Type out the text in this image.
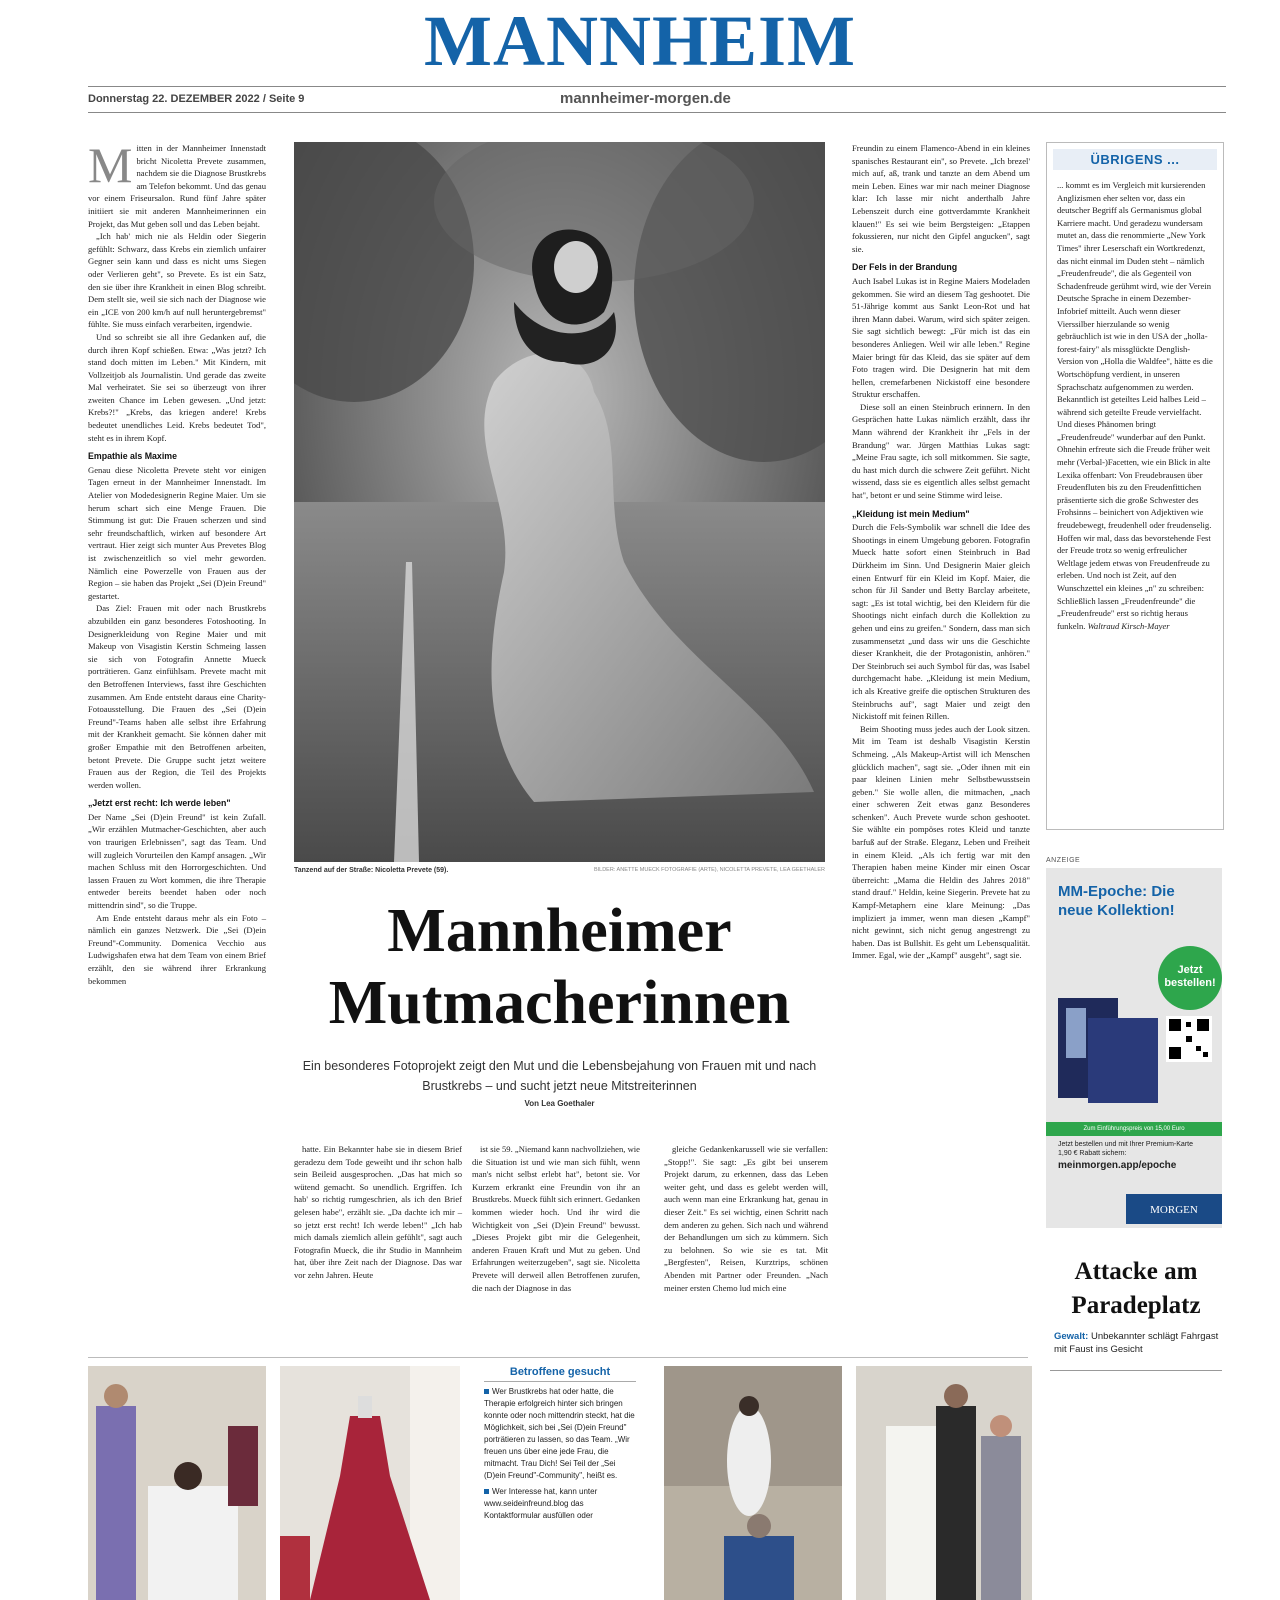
MANNHEIM
Donnerstag 22. DEZEMBER 2022 / Seite 9	mannheimer-morgen.de
M itten in der Mannheimer Innenstadt bricht Nicoletta Prevete zusammen, nachdem sie die Diagnose Brustkrebs am Telefon bekommt. Und das genau vor einem Friseursalon. Rund fünf Jahre später initiiert sie mit anderen Mannheimerinnen ein Projekt, das Mut geben soll und das Leben bejaht.

„Ich hab' mich nie als Heldin oder Siegerin gefühlt: Schwarz, dass Krebs ein ziemlich unfairer Gegner sein kann und dass es nicht ums Siegen oder Verlieren geht", so Prevete. Es ist ein Satz, den sie über ihre Krankheit in einen Blog schreibt. Dem stellt sie, weil sie sich nach der Diagnose wie ein „ICE von 200 km/h auf null heruntergebremst" fühlte. Sie muss einfach verarbeiten, irgendwie.

Und so schreibt sie all ihre Gedanken auf, die durch ihren Kopf schießen. Etwa: „Was jetzt? Ich stand doch mitten im Leben." Mit Kindern, mit Vollzeitjob als Journalistin. Und gerade das zweite Mal verheiratet. Sie sei so überzeugt von ihrer zweiten Chance im Leben gewesen. „Und jetzt: Krebs?!" „Krebs, das kriegen andere! Krebs bedeutet unendliches Leid. Krebs bedeutet Tod", steht es in ihrem Kopf.

Empathie als Maxime

Genau diese Nicoletta Prevete steht vor einigen Tagen erneut in der Mannheimer Innenstadt. Im Atelier von Modedesignerin Regine Maier. Um sie herum schart sich eine Menge Frauen. Die Stimmung ist gut: Die Frauen scherzen und sind sehr freundschaftlich, wirken auf besondere Art vertraut. Hier zeigt sich munter Aus Prevetes Blog ist zwischenzeitlich so viel mehr geworden. Nämlich eine Powerzelle von Frauen aus der Region – sie haben das Projekt „Sei (D)ein Freund" gestartet.

Das Ziel: Frauen mit oder nach Brustkrebs abzubilden ein ganz besonderes Fotoshooting. In Designerkleidung von Regine Maier und mit Makeup von Visagistin Kerstin Schmeing lassen sie sich von Fotografin Annette Mueck porträtieren. Ganz einfühlsam. Prevete macht mit den Betroffenen Interviews, fasst ihre Geschichten zusammen. Am Ende entsteht daraus eine Charity-Fotoausstellung. Die Frauen des „Sei (D)ein Freund"-Teams haben alle selbst ihre Erfahrung mit der Krankheit gemacht. Sie können daher mit großer Empathie mit den Betroffenen arbeiten, betont Prevete. Die Gruppe sucht jetzt weitere Frauen aus der Region, die Teil des Projekts werden wollen.

„Jetzt erst recht: Ich werde leben"

Der Name „Sei (D)ein Freund" ist kein Zufall. „Wir erzählen Mutmacher-Geschichten, aber auch von traurigen Erlebnissen", sagt das Team. Und will zugleich Vorurteilen den Kampf ansagen. „Wir machen Schluss mit den Horrorgeschichten. Und lassen Frauen zu Wort kommen, die ihre Therapie entweder bereits beendet haben oder noch mittendrin sind", so die Truppe.

Am Ende entsteht daraus mehr als ein Foto – nämlich ein ganzes Netzwerk. Die „Sei (D)ein Freund"-Community. Domenica Vecchio aus Ludwigshafen etwa hat dem Team von einem Brief erzählt, den sie während ihrer Erkrankung bekommen

BILDER: ANETTE MUECK FOTOGRAFIE (ARTE), NICOLETTA PREVETE, LEA GEETHALER
Tanzend auf der Straße: Nicoletta Prevete (59).
Mannheimer
Mutmacherinnen
Ein besonderes Fotoprojekt zeigt den Mut und die Lebensbejahung von Frauen mit und nach Brustkrebs – und sucht jetzt neue Mitstreiterinnen
Von Lea Goethaler

Freundin zu einem Flamenco-Abend in ein kleines spanisches Restaurant ein", so Prevete. „Ich brezel' mich auf, aß, trank und tanzte an dem Abend um mein Leben. Eines war mir nach meiner Diagnose klar: Ich lasse mir nicht anderthalb Jahre Lebenszeit durch eine gottverdammte Krankheit klauen!" Es sei wie beim Bergsteigen: „Etappen fokussieren, nur nicht den Gipfel angucken", sagt sie.

Der Fels in der Brandung

Auch Isabel Lukas ist in Regine Maiers Modeladen gekommen. Sie wird an diesem Tag geshootet. Die 51-Jährige kommt aus Sankt Leon-Rot und hat ihren Mann dabei. Warum, wird sich später zeigen. Sie sagt sichtlich bewegt: „Für mich ist das ein besonderes Anliegen. Weil wir alle leben." Regine Maier bringt für das Kleid, das sie später auf dem Foto tragen wird. Die Designerin hat mit dem hellen, cremefarbenen Nickistoff eine besondere Struktur erschaffen.

Diese soll an einen Steinbruch erinnern. In den Gesprächen hatte Lukas nämlich erzählt, dass ihr Mann während der Krankheit ihr „Fels in der Brandung" war. Jürgen Matthias Lukas sagt: „Meine Frau sagte, ich soll mitkommen. Sie sagte, du hast mich durch die schwere Zeit geführt. Nicht wissend, dass sie es eigentlich alles selbst gemacht hat", betont er und seine Stimme wird leise.

„Kleidung ist mein Medium"

Durch die Fels-Symbolik war schnell die Idee des Shootings in einem Umgebung geboren. Fotografin Mueck hatte sofort einen Steinbruch in Bad Dürkheim im Sinn. Und Designerin Maier gleich einen Entwurf für ein Kleid im Kopf. Maier, die schon für Jil Sander und Betty Barclay arbeitete, sagt: „Es ist total wichtig, bei den Kleidern für die Shootings nicht einfach durch die Kollektion zu gehen und eins zu greifen." Sondern, dass man sich zusammensetzt „und dass wir uns die Geschichte dieser Krankheit, die der Protagonistin, anhören." Der Steinbruch sei auch Symbol für das, was Isabel durchgemacht habe. „Kleidung ist mein Medium, ich als Kreative greife die optischen Strukturen des Steinbruchs auf", sagt Maier und zeigt den Nickistoff mit feinen Rillen.

Beim Shooting muss jedes auch der Look sitzen. Mit im Team ist deshalb Visagistin Kerstin Schmeing. „Als Makeup-Artist will ich Menschen glücklich machen", sagt sie. „Oder ihnen mit ein paar kleinen Linien mehr Selbstbewusstsein geben." Sie wolle allen, die mitmachen, „nach einer schweren Zeit etwas ganz Besonderes schenken". Auch Prevete wurde schon geshootet. Sie wählte ein pompöses rotes Kleid und tanzte barfuß auf der Straße. Eleganz, Leben und Freiheit in einem Kleid. „Als ich fertig war mit den Therapien haben meine Kinder mir einen Oscar überreicht: „Mama die Heldin des Jahres 2018" stand drauf." Heldin, keine Siegerin. Prevete hat zu Kampf-Metaphern eine klare Meinung: „Das impliziert ja immer, wenn man diesen „Kampf" nicht gewinnt, sich nicht genug angestrengt zu haben. Das ist Bullshit. Es geht um Lebensqualität. Immer. Egal, wie der „Kampf" ausgeht", sagt sie.

hatte. Ein Bekannter habe sie in diesem Brief geradezu dem Tode geweiht und ihr schon halb sein Beileid ausgesprochen. „Das hat mich so wütend gemacht. So unendlich. Ergriffen. Ich hab' so richtig rumgeschrien, als ich den Brief gelesen habe", erzählt sie. „Da dachte ich mir – so jetzt erst recht! Ich werde leben!" „Ich hab mich damals ziemlich allein gefühlt", sagt auch Fotografin Mueck, die ihr Studio in Mannheim hat, über ihre Zeit nach der Diagnose. Das war vor zehn Jahren. Heute

ist sie 59. „Niemand kann nachvollziehen, wie die Situation ist und wie man sich fühlt, wenn man's nicht selbst erlebt hat", betont sie. Vor Kurzem erkrankt eine Freundin von ihr an Brustkrebs. Mueck fühlt sich erinnert. Gedanken kommen wieder hoch. Und ihr wird die Wichtigkeit von „Sei (D)ein Freund" bewusst. „Dieses Projekt gibt mir die Gelegenheit, anderen Frauen Kraft und Mut zu geben. Und Erfahrungen weiterzugeben", sagt sie. Nicoletta Prevete will derweil allen Betroffenen zurufen, die nach der Diagnose in das

gleiche Gedankenkarussell wie sie verfallen: „Stopp!". Sie sagt: „Es gibt bei unserem Projekt darum, zu erkennen, dass das Leben weiter geht, und dass es gelebt werden will, auch wenn man eine Erkrankung hat, genau in dieser Zeit." Es sei wichtig, einen Schritt nach dem anderen zu gehen. Sich nach und während der Behandlungen um sich zu kümmern. Sich zu belohnen. So wie sie es tat. Mit „Bergfesten", Reisen, Kurztrips, schönen Abenden mit Partner oder Freunden. „Nach meiner ersten Chemo lud mich eine

ÜBRIGENS ...
... kommt es im Vergleich mit kursierenden Anglizismen eher selten vor, dass ein deutscher Begriff als Germanismus global Karriere macht. Und geradezu wundersam mutet an, dass die renommierte „New York Times" ihrer Leserschaft ein Wortkredenzt, das nicht einmal im Duden steht – nämlich „Freudenfreude", die als Gegenteil von Schadenfreude gerühmt wird, wie der Verein Deutsche Sprache in einem Dezember-Infobrief mitteilt. Auch wenn dieser Vierssilber hierzulande so wenig gebräuchlich ist wie in den USA der „holla-forest-fairy" als missglückte Denglish-Version von „Holla die Waldfee", hätte es die Wortschöpfung verdient, in unseren Sprachschatz aufgenommen zu werden. Bekanntlich ist geteiltes Leid halbes Leid – während sich geteilte Freude vervielfacht. Und dieses Phänomen bringt „Freudenfreude" wunderbar auf den Punkt. Ohnehin erfreute sich die Freude früher weit mehr (Verbal-)Facetten, wie ein Blick in alte Lexika offenbart: Von Freudebrausen über Freudenfluten bis zu den Freudenfittichen präsentierte sich die große Schwester des Frohsinns – beinichert von Adjektiven wie freudebewegt, freudenhell oder freudenselig. Hoffen wir mal, dass das bevorstehende Fest der Freude trotz so wenig erfreulicher Weltlage jedem etwas von Freudenfreude zu erleben. Und noch ist Zeit, auf den Wunschzettel ein kleines „n" zu schreiben: Schließlich lassen „Freudenfreunde" die „Freudenfreude" erst so richtig heraus funkeln. Waltraud Kirsch-Mayer
ANZEIGE
MM-Epoche: Die neue Kollektion!
Jetzt bestellen!
Zum Einführungspreis von 15,00 Euro
Jetzt bestellen und mit Ihrer Premium-Karte 1,90 € Rabatt sichern:
meinmorgen.app/epoche
MORGEN
Attacke am Paradeplatz
Gewalt: Unbekannter schlägt Fahrgast mit Faust ins Gesicht
Betroffene gesucht
Wer Brustkrebs hat oder hatte, die Therapie erfolgreich hinter sich bringen konnte oder noch mittendrin steckt, hat die Möglichkeit, sich bei „Sei (D)ein Freund" porträtieren zu lassen, so das Team. „Wir freuen uns über eine jede Frau, die mitmacht. Trau Dich! Sei Teil der „Sei (D)ein Freund"-Community", heißt es.
Wer Interesse hat, kann unter www.seideinfreund.blog das Kontaktformular ausfüllen oder
